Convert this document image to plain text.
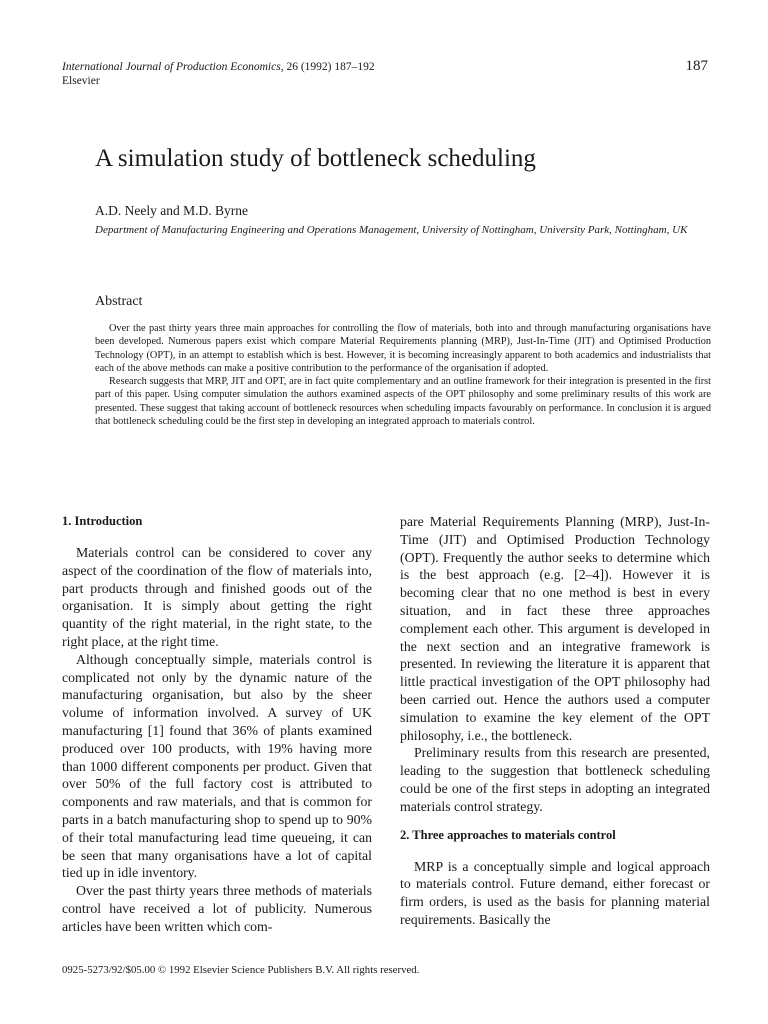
International Journal of Production Economics, 26 (1992) 187–192
Elsevier
187
A simulation study of bottleneck scheduling
A.D. Neely and M.D. Byrne
Department of Manufacturing Engineering and Operations Management, University of Nottingham, University Park, Nottingham, UK
Abstract

Over the past thirty years three main approaches for controlling the flow of materials, both into and through manufacturing organisations have been developed. Numerous papers exist which compare Material Requirements planning (MRP), Just-In-Time (JIT) and Optimised Production Technology (OPT), in an attempt to establish which is best. However, it is becoming increasingly apparent to both academics and industrialists that each of the above methods can make a positive contribution to the performance of the organisation if adopted.

Research suggests that MRP, JIT and OPT, are in fact quite complementary and an outline framework for their integration is presented in the first part of this paper. Using computer simulation the authors examined aspects of the OPT philosophy and some preliminary results of this work are presented. These suggest that taking account of bottleneck resources when scheduling impacts favourably on performance. In conclusion it is argued that bottleneck scheduling could be the first step in developing an integrated approach to materials control.

1. Introduction

Materials control can be considered to cover any aspect of the coordination of the flow of materials into, part products through and finished goods out of the organisation. It is simply about getting the right quantity of the right material, in the right state, to the right place, at the right time.

Although conceptually simple, materials control is complicated not only by the dynamic nature of the manufacturing organisation, but also by the sheer volume of information involved. A survey of UK manufacturing [1] found that 36% of plants examined produced over 100 products, with 19% having more than 1000 different components per product. Given that over 50% of the full factory cost is attributed to components and raw materials, and that is common for parts in a batch manufacturing shop to spend up to 90% of their total manufacturing lead time queueing, it can be seen that many organisations have a lot of capital tied up in idle inventory.

Over the past thirty years three methods of materials control have received a lot of publicity. Numerous articles have been written which com-

pare Material Requirements Planning (MRP), Just-In-Time (JIT) and Optimised Production Technology (OPT). Frequently the author seeks to determine which is the best approach (e.g. [2–4]). However it is becoming clear that no one method is best in every situation, and in fact these three approaches complement each other. This argument is developed in the next section and an integrative framework is presented. In reviewing the literature it is apparent that little practical investigation of the OPT philosophy had been carried out. Hence the authors used a computer simulation to examine the key element of the OPT philosophy, i.e., the bottleneck.

Preliminary results from this research are presented, leading to the suggestion that bottleneck scheduling could be one of the first steps in adopting an integrated materials control strategy.

2. Three approaches to materials control

MRP is a conceptually simple and logical approach to materials control. Future demand, either forecast or firm orders, is used as the basis for planning material requirements. Basically the

0925-5273/92/$05.00 © 1992 Elsevier Science Publishers B.V. All rights reserved.
